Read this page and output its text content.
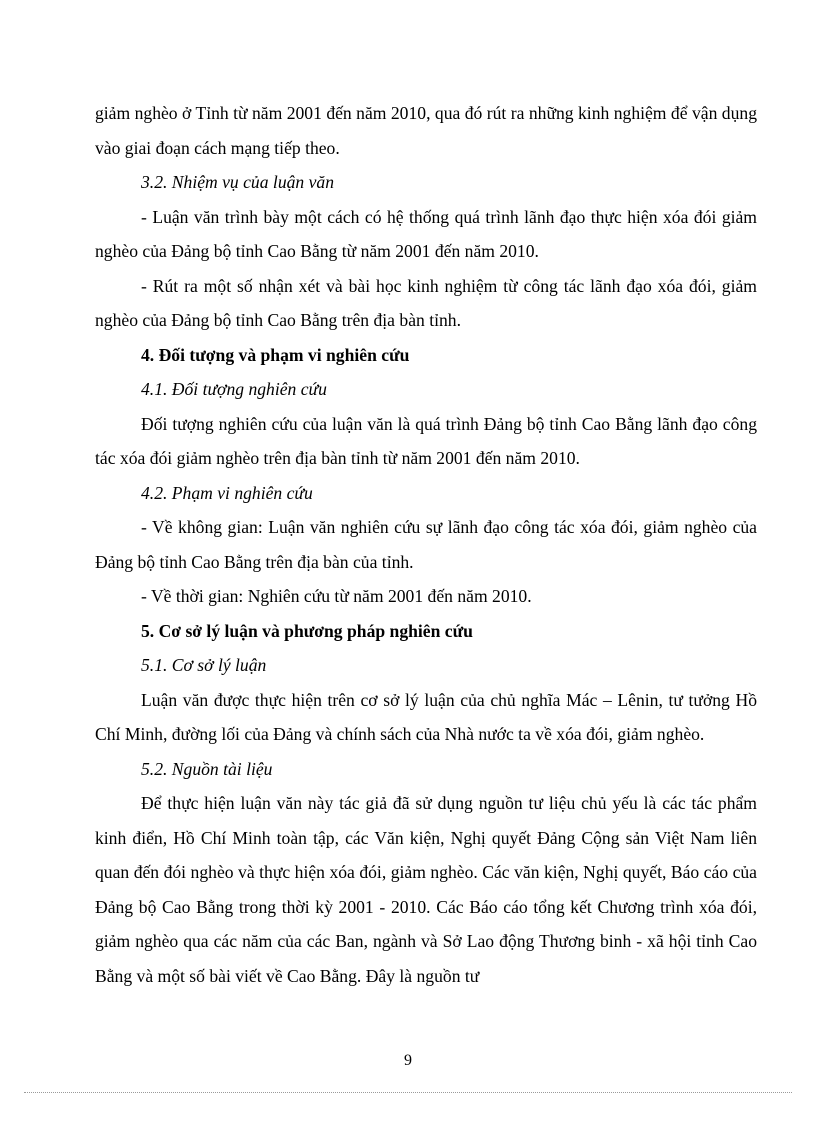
giảm nghèo ở Tỉnh từ năm 2001 đến năm 2010, qua đó rút ra những kinh nghiệm để vận dụng vào giai đoạn cách mạng tiếp theo.

3.2. Nhiệm vụ của luận văn

- Luận văn trình bày một cách có hệ thống quá trình lãnh đạo thực hiện xóa đói giảm nghèo của Đảng bộ tỉnh Cao Bằng từ năm 2001 đến năm 2010.

- Rút ra một số nhận xét và bài học kinh nghiệm từ công tác lãnh đạo xóa đói, giảm nghèo của Đảng bộ tỉnh Cao Bằng trên địa bàn tỉnh.

4. Đối tượng và phạm vi nghiên cứu

4.1. Đối tượng nghiên cứu

Đối tượng nghiên cứu của luận văn là quá trình Đảng bộ tỉnh Cao Bằng lãnh đạo công tác xóa đói giảm nghèo trên địa bàn tỉnh từ năm 2001 đến năm 2010.

4.2. Phạm vi nghiên cứu

- Về không gian: Luận văn nghiên cứu sự lãnh đạo công tác xóa đói, giảm nghèo của Đảng bộ tỉnh Cao Bằng trên địa bàn của tỉnh.

- Về thời gian: Nghiên cứu từ năm 2001 đến năm 2010.

5. Cơ sở lý luận và phương pháp nghiên cứu

5.1. Cơ sở lý luận

Luận văn được thực hiện trên cơ sở lý luận của chủ nghĩa Mác – Lênin, tư tưởng Hồ Chí Minh, đường lối của Đảng và chính sách của Nhà nước ta về xóa đói, giảm nghèo.

5.2. Nguồn tài liệu

Để thực hiện luận văn này tác giả đã sử dụng nguồn tư liệu chủ yếu là các tác phẩm kinh điển, Hồ Chí Minh toàn tập, các Văn kiện, Nghị quyết Đảng Cộng sản Việt Nam liên quan đến đói nghèo và thực hiện xóa đói, giảm nghèo. Các văn kiện, Nghị quyết, Báo cáo của Đảng bộ Cao Bằng trong thời kỳ 2001 - 2010. Các Báo cáo tổng kết Chương trình xóa đói, giảm nghèo qua các năm của các Ban, ngành và Sở Lao động Thương binh - xã hội tỉnh Cao Bằng và một số bài viết về Cao Bằng. Đây là nguồn tư

9
